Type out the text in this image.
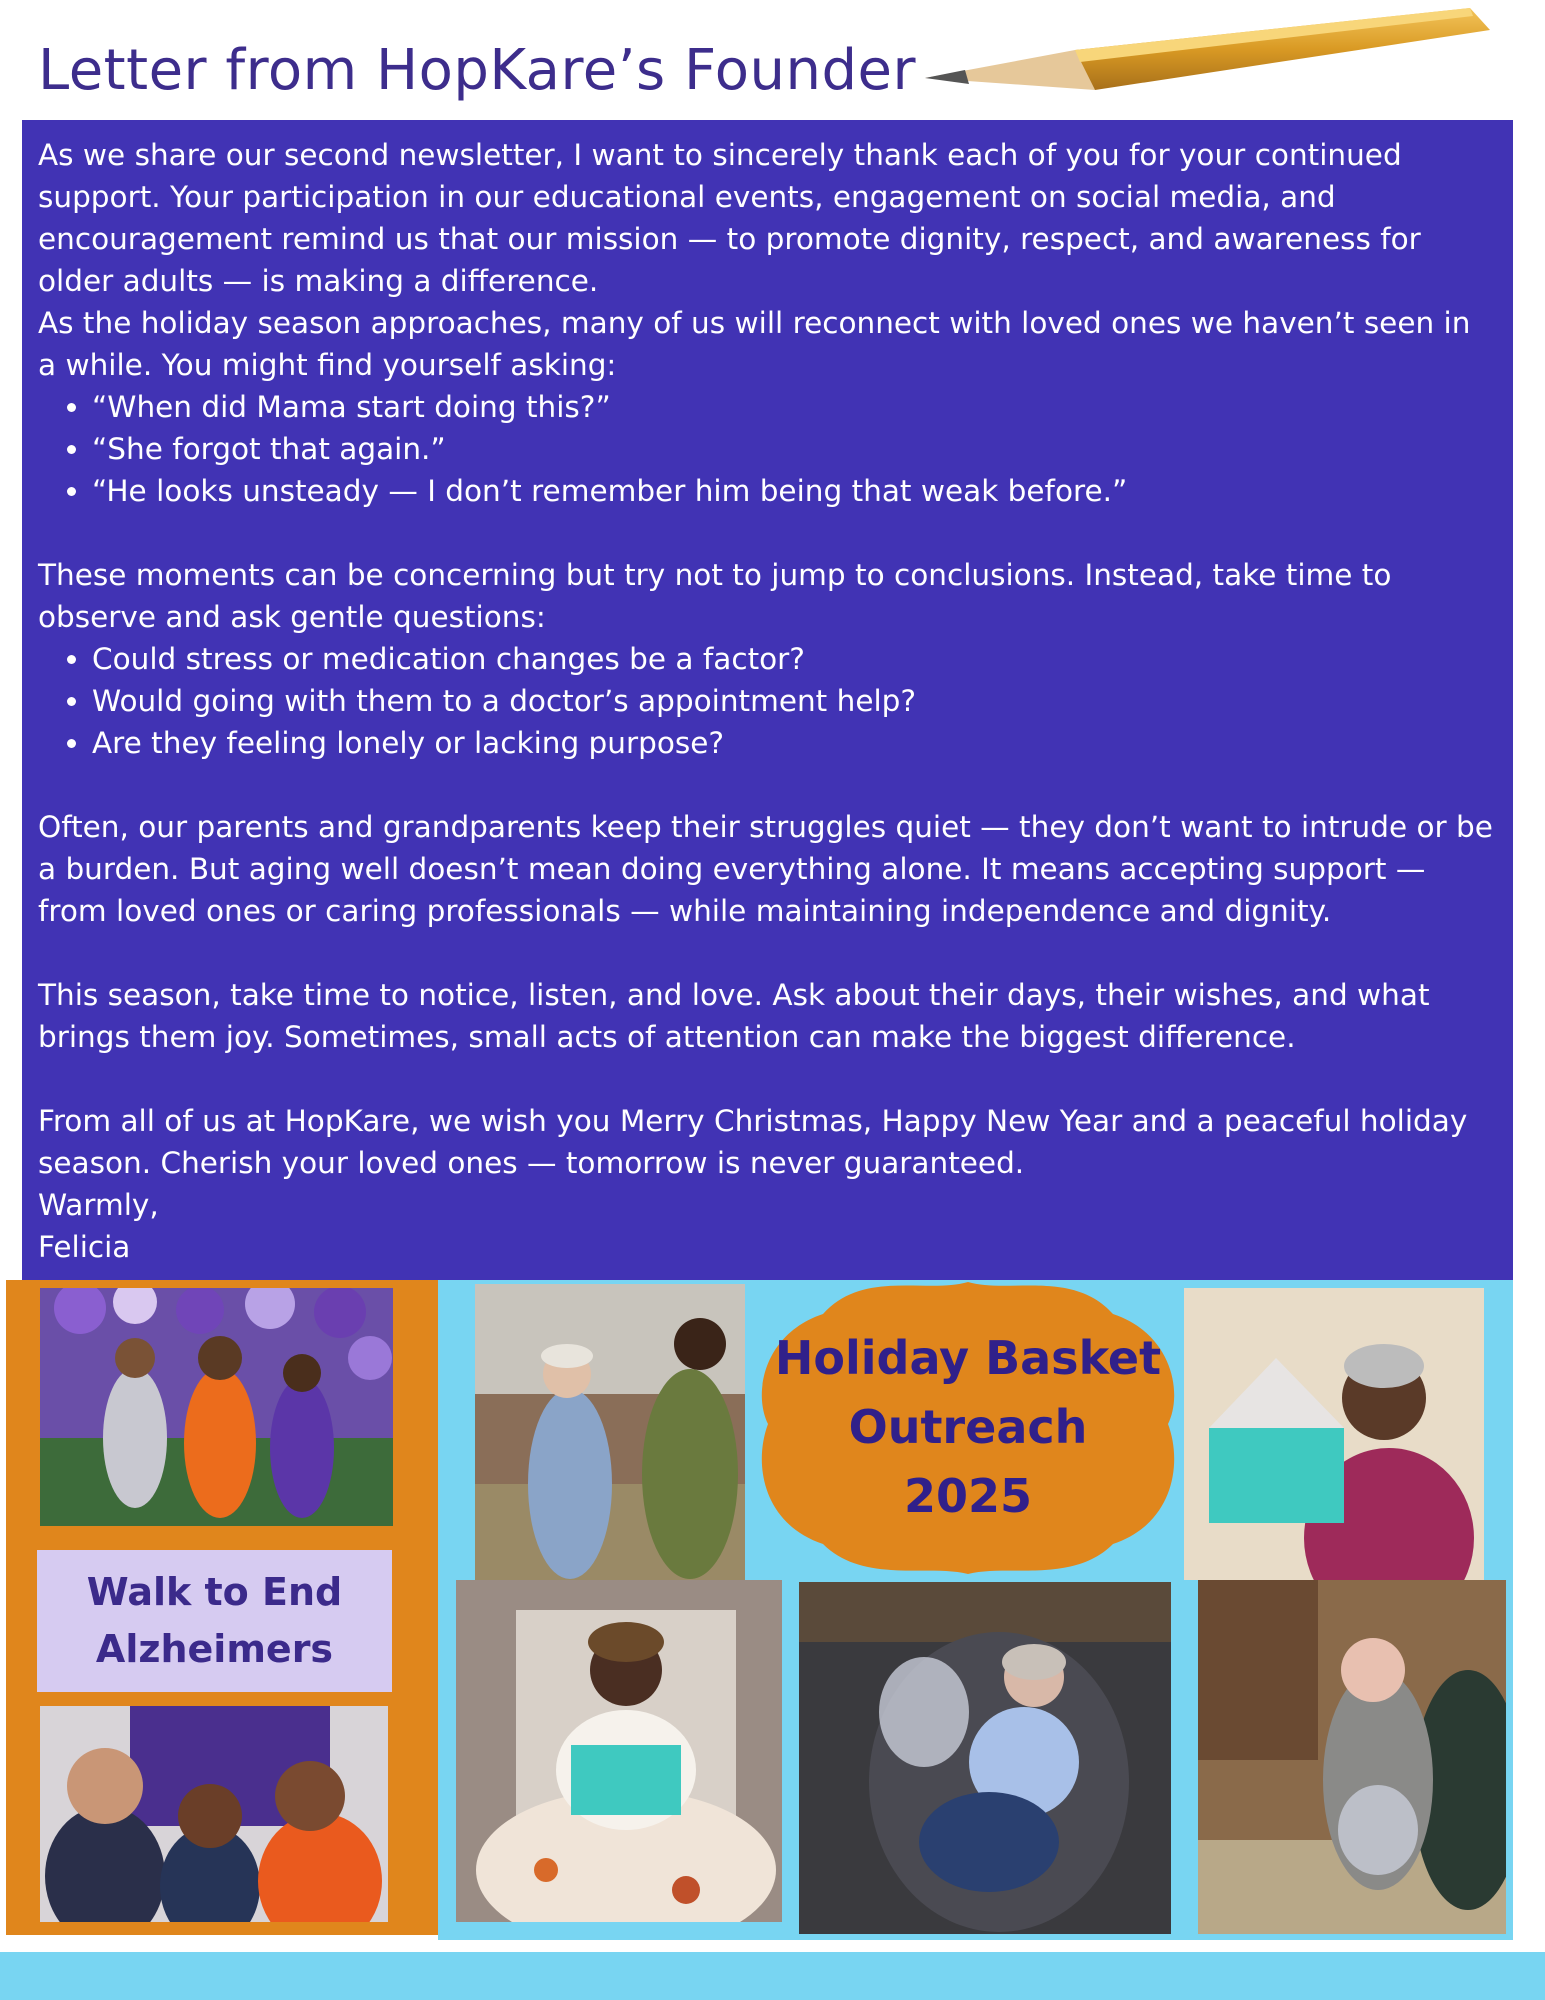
Letter from HopKare’s Founder

As we share our second newsletter, I want to sincerely thank each of you for your continued support. Your participation in our educational events, engagement on social media, and encouragement remind us that our mission — to promote dignity, respect, and awareness for older adults — is making a difference.

As the holiday season approaches, many of us will reconnect with loved ones we haven’t seen in a while. You might find yourself asking:

• “When did Mama start doing this?”
• “She forgot that again.”
• “He looks unsteady — I don’t remember him being that weak before.”

These moments can be concerning but try not to jump to conclusions. Instead, take time to observe and ask gentle questions:

• Could stress or medication changes be a factor?
• Would going with them to a doctor’s appointment help?
• Are they feeling lonely or lacking purpose?

Often, our parents and grandparents keep their struggles quiet — they don’t want to intrude or be a burden. But aging well doesn’t mean doing everything alone. It means accepting support — from loved ones or caring professionals — while maintaining independence and dignity.

This season, take time to notice, listen, and love. Ask about their days, their wishes, and what brings them joy. Sometimes, small acts of attention can make the biggest difference.

From all of us at HopKare, we wish you Merry Christmas, Happy New Year and a peaceful holiday season. Cherish your loved ones — tomorrow is never guaranteed.

Warmly,

Felicia

Walk to End
Alzheimers
Holiday Basket
Outreach
2025
